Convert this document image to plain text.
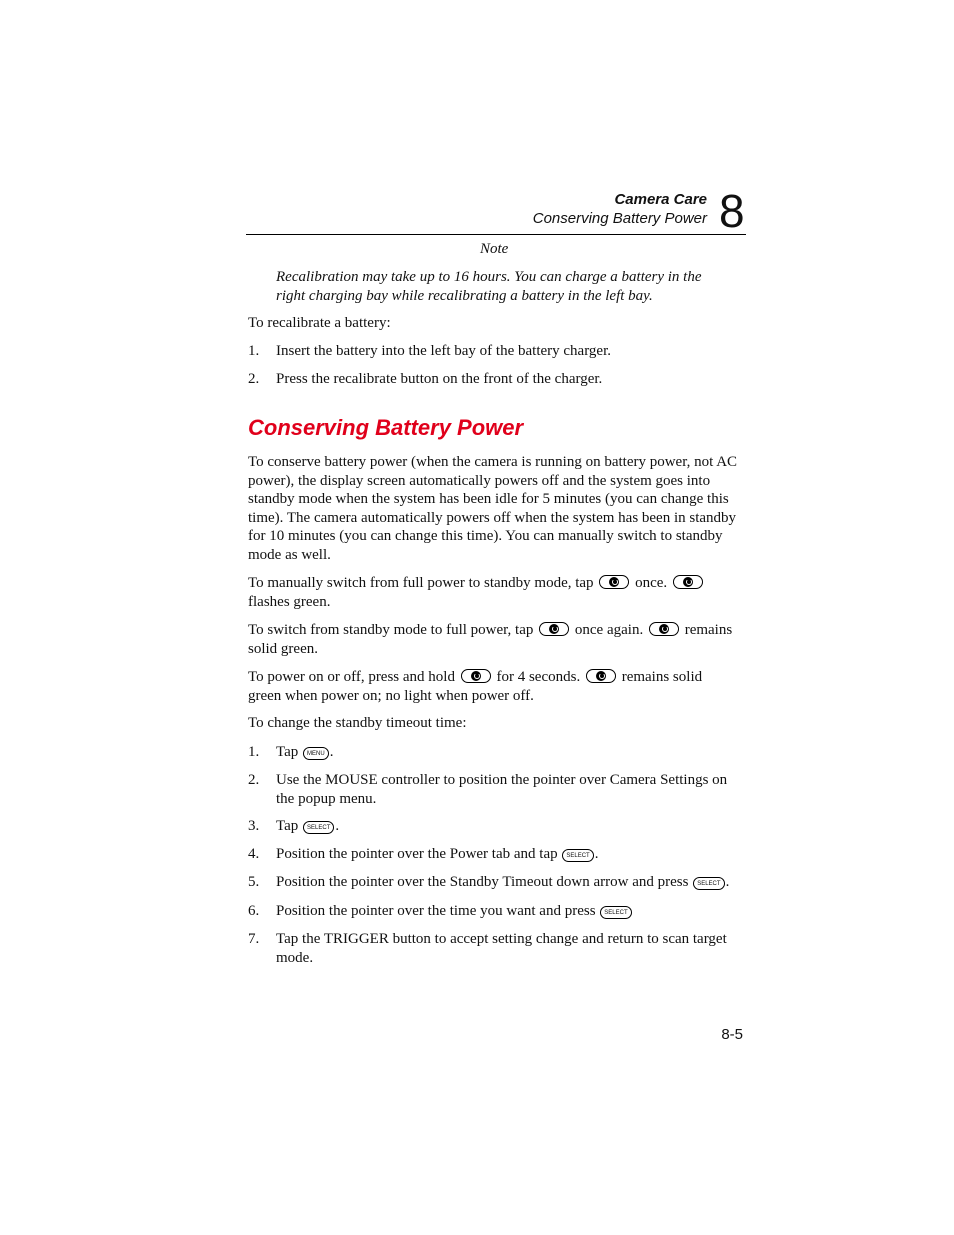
Camera Care
Conserving Battery Power 8
Note
Recalibration may take up to 16 hours. You can charge a battery in the right charging bay while recalibrating a battery in the left bay.
To recalibrate a battery:
1. Insert the battery into the left bay of the battery charger.
2. Press the recalibrate button on the front of the charger.
Conserving Battery Power
To conserve battery power (when the camera is running on battery power, not AC power), the display screen automatically powers off and the system goes into standby mode when the system has been idle for 5 minutes (you can change this time). The camera automatically powers off when the system has been in standby for 10 minutes (you can change this time). You can manually switch to standby mode as well.
To manually switch from full power to standby mode, tap	once.  flashes green.
To switch from standby mode to full power, tap	once again.	remains solid green.
To power on or off, press and hold	for 4 seconds.	remains solid green when power on; no light when power off.
To change the standby timeout time:
1. Tap MENU .
2. Use the MOUSE controller to position the pointer over Camera Settings on the popup menu.
3. Tap SELECT .
4. Position the pointer over the Power tab and tap SELECT .
5. Position the pointer over the Standby Timeout down arrow and press SELECT .
6. Position the pointer over the time you want and press SELECT
7. Tap the TRIGGER button to accept setting change and return to scan target mode.
8-5
